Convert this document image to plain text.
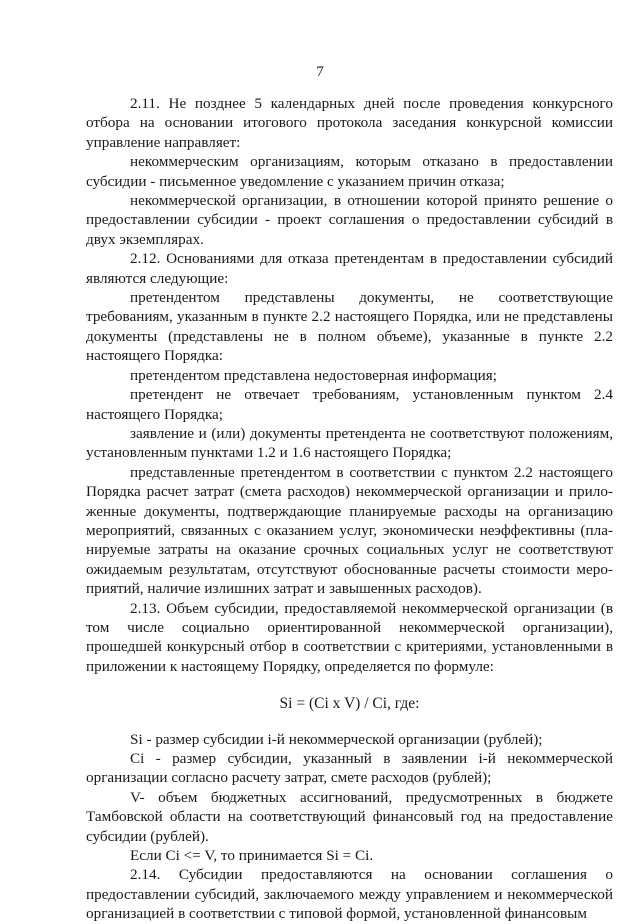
7

2.11. Не позднее 5 календарных дней после проведения конкурсного отбора на основании итогового протокола заседания конкурсной комиссии управление направляет:

некоммерческим организациям, которым отказано в предоставлении субсидии - письменное уведомление с указанием причин отказа;

некоммерческой организации, в отношении которой принято решение о предоставлении субсидии - проект соглашения о предоставлении субсидий в двух экземплярах.

2.12. Основаниями для отказа претендентам в предоставлении субсидий являются следующие:

претендентом представлены документы, не соответствующие требованиям, указанным в пункте 2.2 настоящего Порядка, или не представлены документы (представлены не в полном объеме), указанные в пункте 2.2 настоящего Порядка:

претендентом представлена недостоверная информация;

претендент не отвечает требованиям, установленным пунктом 2.4 настоящего Порядка;

заявление и (или) документы претендента не соответствуют положениям, установленным пунктами 1.2 и 1.6 настоящего Порядка;

представленные претендентом в соответствии с пунктом 2.2 настоящего Порядка расчет затрат (смета расходов) некоммерческой организации и прило-женные документы, подтверждающие планируемые расходы на организацию мероприятий, связанных с оказанием услуг, экономически неэффективны (пла-нируемые затраты на оказание срочных социальных услуг не соответствуют ожидаемым результатам, отсутствуют обоснованные расчеты стоимости меро-приятий, наличие излишних затрат и завышенных расходов).

2.13. Объем субсидии, предоставляемой некоммерческой организации (в том числе социально ориентированной некоммерческой организации), прошедшей конкурсный отбор в соответствии с критериями, установленными в приложении к настоящему Порядку, определяется по формуле:

Si = (Ci x V) / Ci, где:

Si - размер субсидии i-й некоммерческой организации (рублей);

Ci - размер субсидии, указанный в заявлении i-й некоммерческой организации согласно расчету затрат, смете расходов (рублей);

V- объем бюджетных ассигнований, предусмотренных в бюджете Тамбовской области на соответствующий финансовый год на предоставление субсидии (рублей).

Если Ci <= V, то принимается Si = Ci.

2.14. Субсидии предоставляются на основании соглашения о предоставлении субсидий, заключаемого между управлением и некоммерческой организацией в соответствии с типовой формой, установленной финансовым
